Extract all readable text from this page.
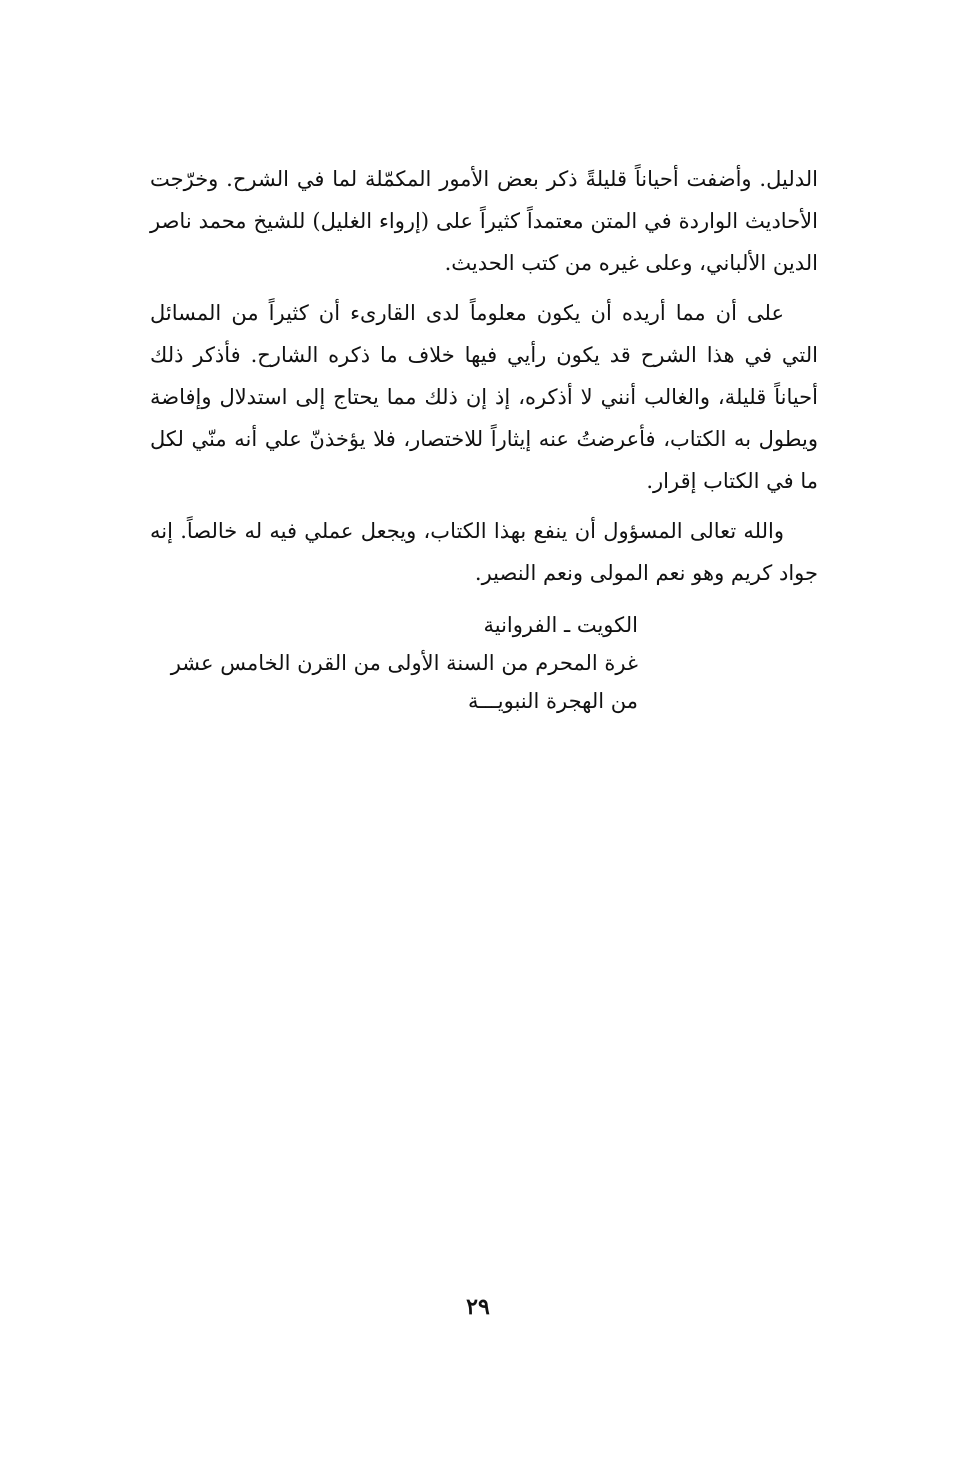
الدليل. وأضفت أحياناً قليلةً ذكر بعض الأمور المكمّلة لما في الشرح. وخرّجت الأحاديث الواردة في المتن معتمداً كثيراً على (إرواء الغليل) للشيخ محمد ناصر الدين الألباني، وعلى غيره من كتب الحديث.

على أن مما أريده أن يكون معلوماً لدى القارىء أن كثيراً من المسائل التي في هذا الشرح قد يكون رأيي فيها خلاف ما ذكره الشارح. فأذكر ذلك أحياناً قليلة، والغالب أنني لا أذكره، إذ إن ذلك مما يحتاج إلى استدلال وإفاضة ويطول به الكتاب، فأعرضتُ عنه إيثاراً للاختصار، فلا يؤخذنّ علي أنه منّي لكل ما في الكتاب إقرار.

والله تعالى المسؤول أن ينفع بهذا الكتاب، ويجعل عملي فيه له خالصاً. إنه جواد كريم وهو نعم المولى ونعم النصير.

الكويت ـ الفروانية
غرة المحرم من السنة الأولى من القرن الخامس عشر
من الهجرة النبويـــة
٢٩
